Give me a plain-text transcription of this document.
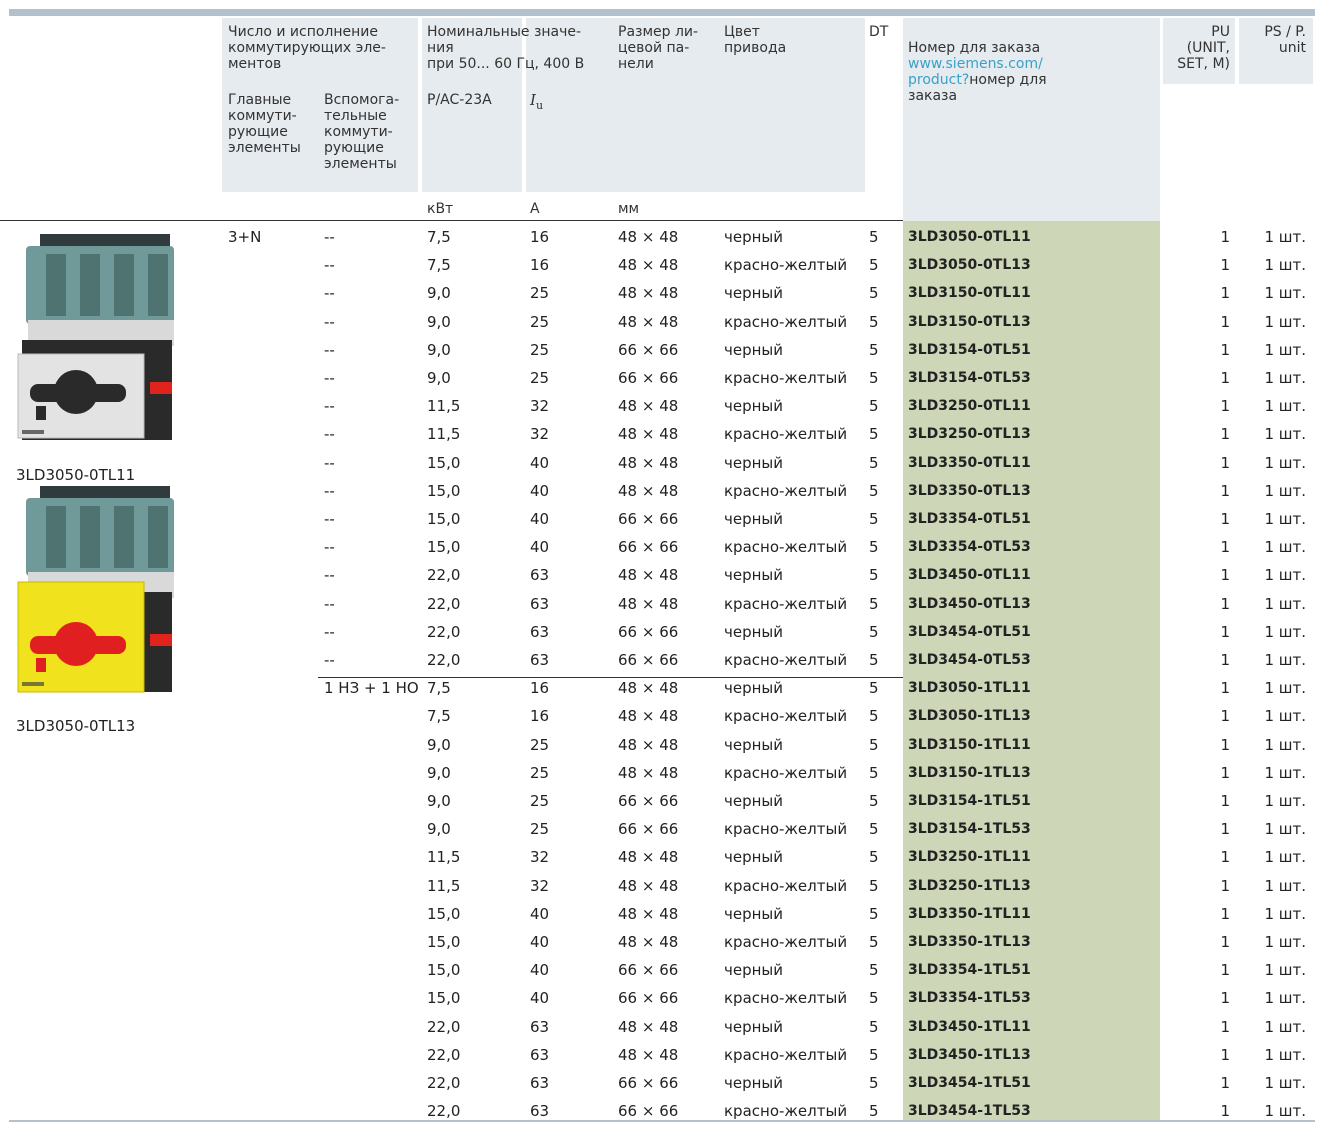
Число и исполнение
коммутирующих эле-
ментов
Главные
коммути-
рующие
элементы
Вспомога-
тельные
коммути-
рующие
элементы
Номинальные значе-
ния
при 50... 60 Гц, 400 В
P/AC-23A	$I_u$
Размер ли-
цевой па-
нели
Цвет
привода
DT

Номер для заказа
www.siemens.com/
product?номер для
заказа

PU
(UNIT,
SET, M)
PS / P.
unit
кВт	A	мм
3LD3050-0TL11
3LD3050-0TL13
3+N	--	7,5	16	48 × 48	черный	5 3LD3050-0TL11	1	1 шт.
--	7,5	16	48 × 48	красно-желтый 5 3LD3050-0TL13	1	1 шт.
--	9,0	25	48 × 48	черный	5 3LD3150-0TL11	1	1 шт.
--	9,0	25	48 × 48	красно-желтый 5 3LD3150-0TL13	1	1 шт.
--	9,0	25	66 × 66	черный	5 3LD3154-0TL51	1	1 шт.
--	9,0	25	66 × 66	красно-желтый 5 3LD3154-0TL53	1	1 шт.
--	11,5	32	48 × 48	черный	5 3LD3250-0TL11	1	1 шт.
--	11,5	32	48 × 48	красно-желтый 5 3LD3250-0TL13	1	1 шт.
--	15,0	40	48 × 48	черный	5 3LD3350-0TL11	1	1 шт.
--	15,0	40	48 × 48	красно-желтый 5 3LD3350-0TL13	1	1 шт.
--	15,0	40	66 × 66	черный	5 3LD3354-0TL51	1	1 шт.
--	15,0	40	66 × 66	красно-желтый 5 3LD3354-0TL53	1	1 шт.
--	22,0	63	48 × 48	черный	5 3LD3450-0TL11	1	1 шт.
--	22,0	63	48 × 48	красно-желтый 5 3LD3450-0TL13	1	1 шт.
--	22,0	63	66 × 66	черный	5 3LD3454-0TL51	1	1 шт.
--	22,0	63	66 × 66	красно-желтый 5 3LD3454-0TL53	1	1 шт.
1 НЗ + 1 НО 7,5	16	48 × 48	черный	5 3LD3050-1TL11	1	1 шт.
7,5	16	48 × 48	красно-желтый 5 3LD3050-1TL13	1	1 шт.
9,0	25	48 × 48	черный	5 3LD3150-1TL11	1	1 шт.
9,0	25	48 × 48	красно-желтый 5 3LD3150-1TL13	1	1 шт.
9,0	25	66 × 66	черный	5 3LD3154-1TL51	1	1 шт.
9,0	25	66 × 66	красно-желтый 5 3LD3154-1TL53	1	1 шт.
11,5	32	48 × 48	черный	5 3LD3250-1TL11	1	1 шт.
11,5	32	48 × 48	красно-желтый 5 3LD3250-1TL13	1	1 шт.
15,0	40	48 × 48	черный	5 3LD3350-1TL11	1	1 шт.
15,0	40	48 × 48	красно-желтый 5 3LD3350-1TL13	1	1 шт.
15,0	40	66 × 66	черный	5 3LD3354-1TL51	1	1 шт.
15,0	40	66 × 66	красно-желтый 5 3LD3354-1TL53	1	1 шт.
22,0	63	48 × 48	черный	5 3LD3450-1TL11	1	1 шт.
22,0	63	48 × 48	красно-желтый 5 3LD3450-1TL13	1	1 шт.
22,0	63	66 × 66	черный	5 3LD3454-1TL51	1	1 шт.
22,0	63	66 × 66	красно-желтый 5 3LD3454-1TL53	1	1 шт.
